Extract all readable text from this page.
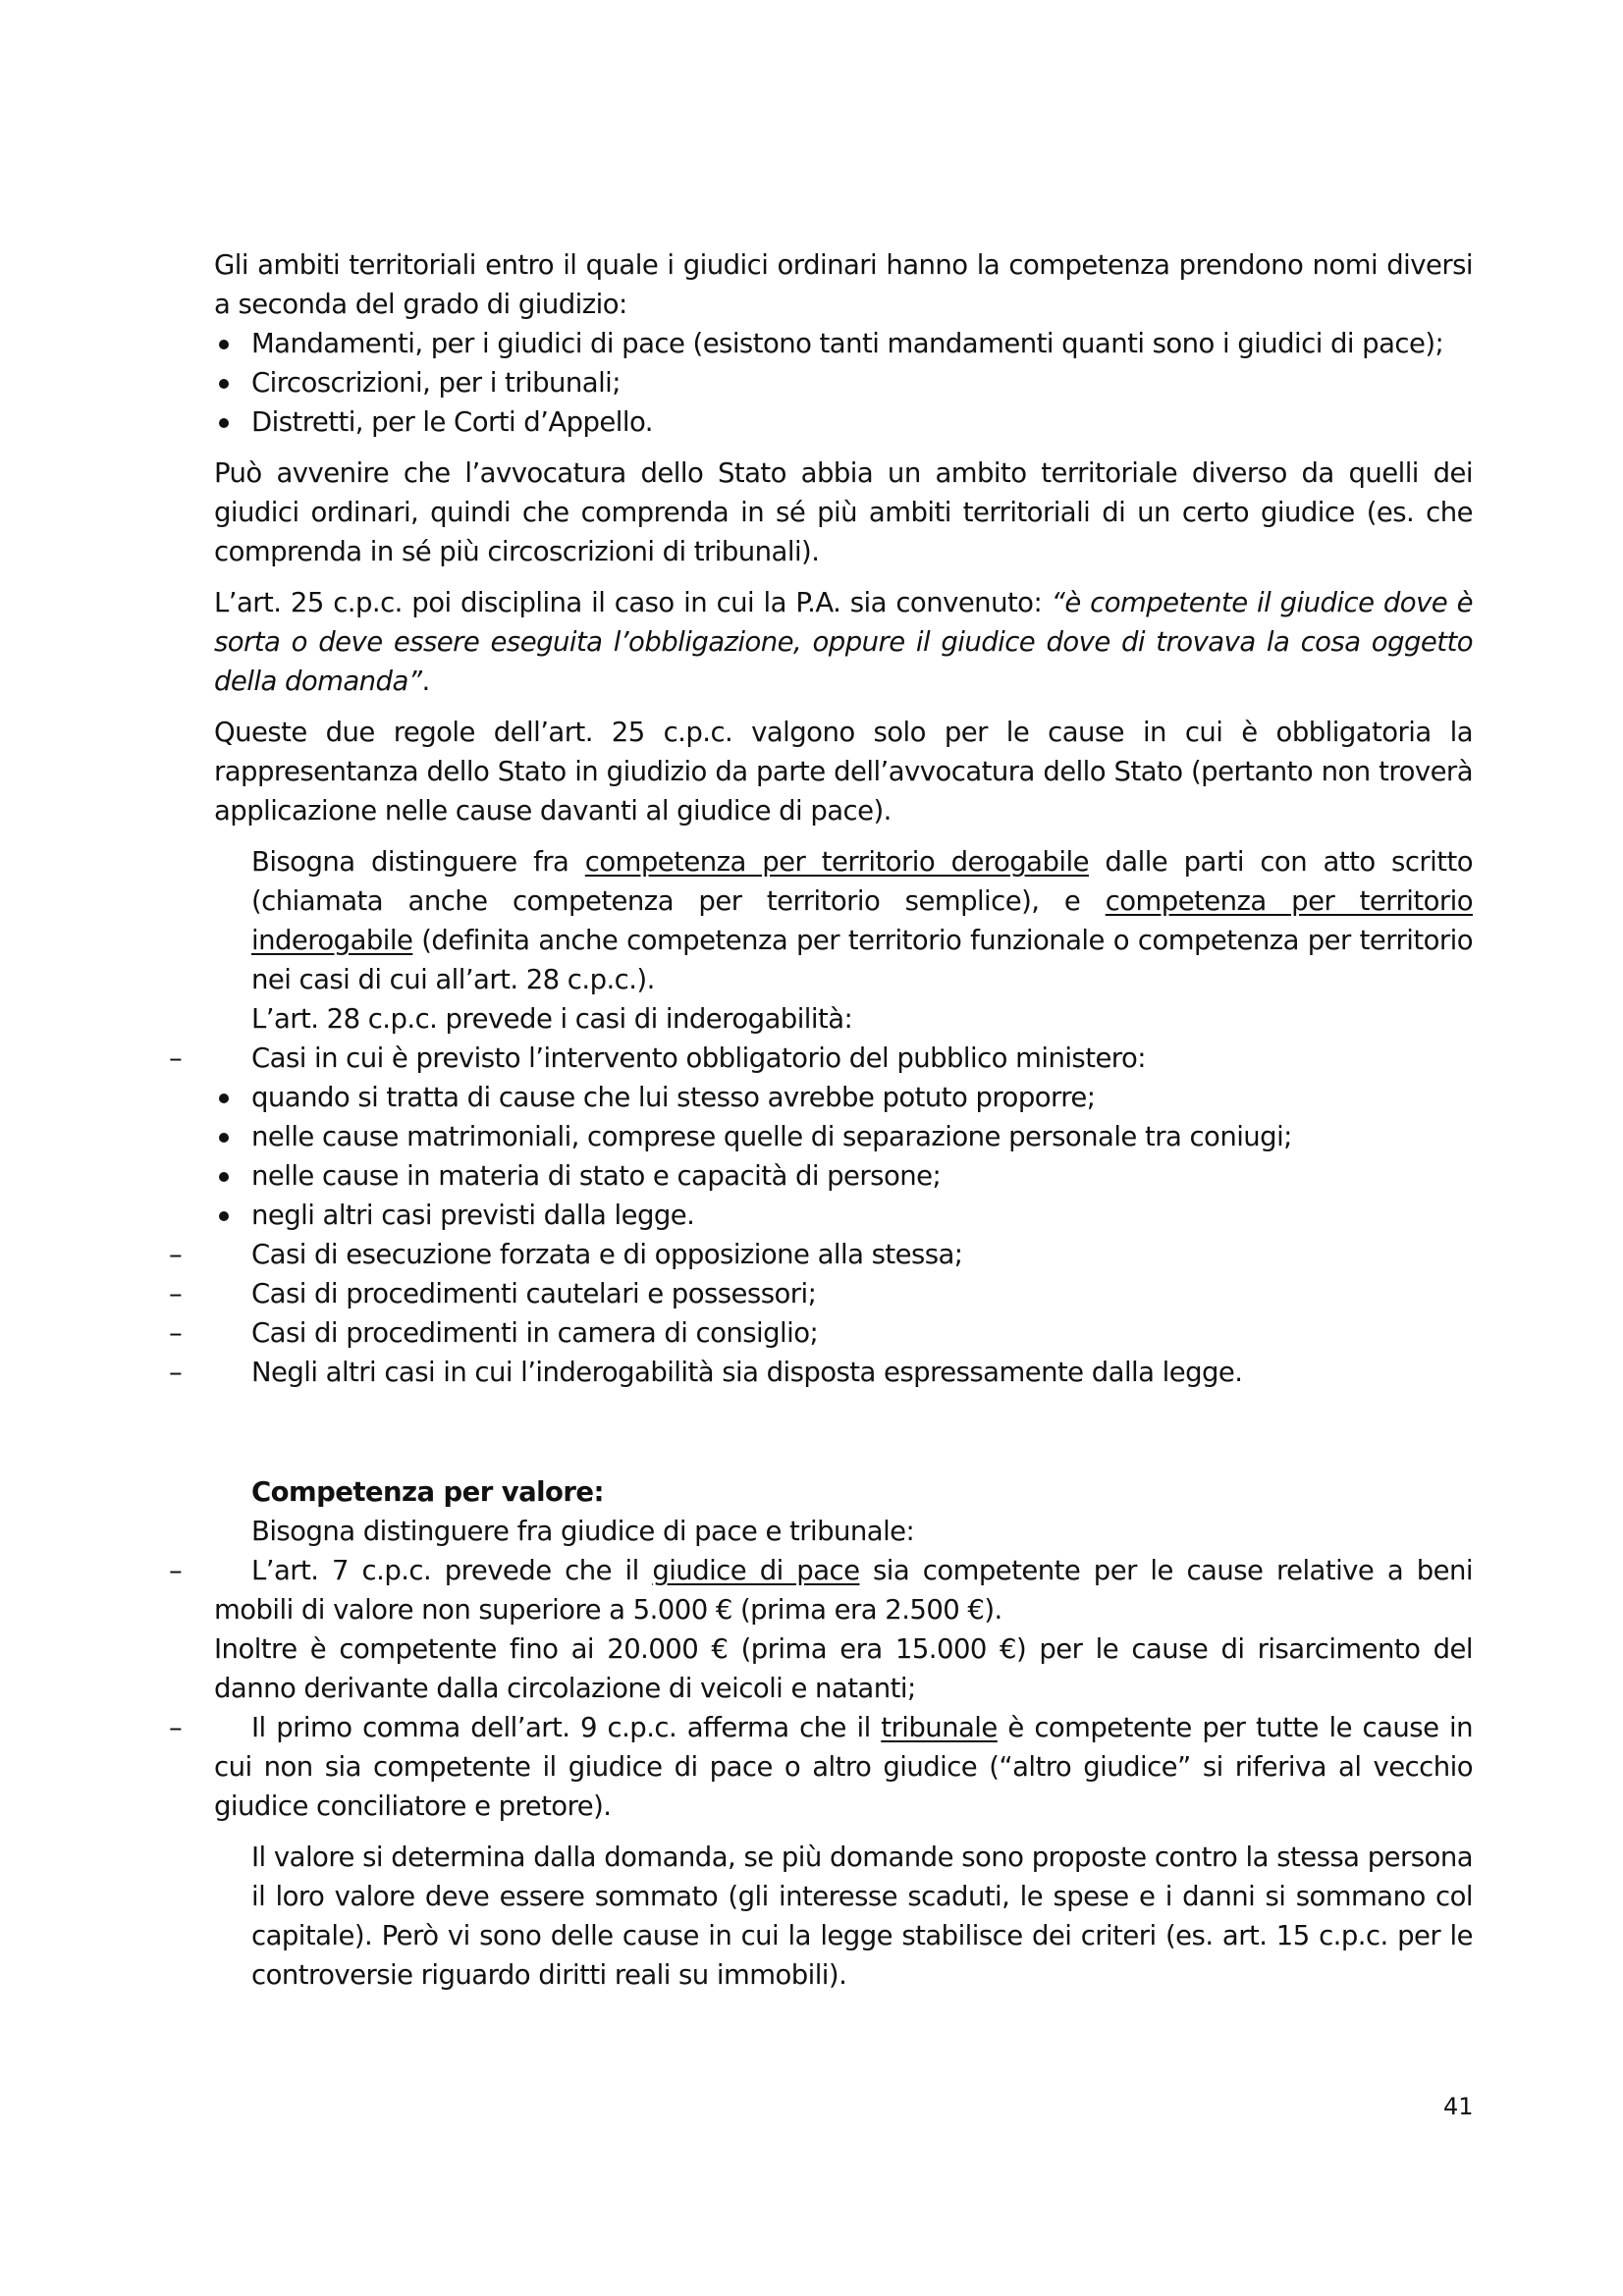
Gli ambiti territoriali entro il quale i giudici ordinari hanno la competenza prendono nomi diversi a seconda del grado di giudizio:

Mandamenti, per i giudici di pace (esistono tanti mandamenti quanti sono i giudici di pace);
Circoscrizioni, per i tribunali;
Distretti, per le Corti d’Appello.

Può avvenire che l’avvocatura dello Stato abbia un ambito territoriale diverso da quelli dei giudici ordinari, quindi che comprenda in sé più ambiti territoriali di un certo giudice (es. che comprenda in sé più circoscrizioni di tribunali).

L’art. 25 c.p.c. poi disciplina il caso in cui la P.A. sia convenuto: “è competente il giudice dove è sorta o deve essere eseguita l’obbligazione, oppure il giudice dove di trovava la cosa oggetto della domanda”.

Queste due regole dell’art. 25 c.p.c. valgono solo per le cause in cui è obbligatoria la rappresentanza dello Stato in giudizio da parte dell’avvocatura dello Stato (pertanto non troverà applicazione nelle cause davanti al giudice di pace).

Bisogna distinguere fra competenza per territorio derogabile dalle parti con atto scritto (chiamata anche competenza per territorio semplice), e competenza per territorio inderogabile (definita anche competenza per territorio funzionale o competenza per territorio nei casi di cui all’art. 28 c.p.c.).

L’art. 28 c.p.c. prevede i casi di inderogabilità:

–	Casi in cui è previsto l’intervento obbligatorio del pubblico ministero:
quando si tratta di cause che lui stesso avrebbe potuto proporre;
nelle cause matrimoniali, comprese quelle di separazione personale tra coniugi;
nelle cause in materia di stato e capacità di persone;
negli altri casi previsti dalla legge.
–	Casi di esecuzione forzata e di opposizione alla stessa;
–	Casi di procedimenti cautelari e possessori;
–	Casi di procedimenti in camera di consiglio;
–	Negli altri casi in cui l’inderogabilità sia disposta espressamente dalla legge.

Competenza per valore:

Bisogna distinguere fra giudice di pace e tribunale:

–	L’art. 7 c.p.c. prevede che il giudice di pace sia competente per le cause relative a beni mobili di valore non superiore a 5.000 € (prima era 2.500 €).

Inoltre è competente fino ai 20.000 € (prima era 15.000 €) per le cause di risarcimento del danno derivante dalla circolazione di veicoli e natanti;

–	Il primo comma dell’art. 9 c.p.c. afferma che il tribunale è competente per tutte le cause in cui non sia competente il giudice di pace o altro giudice (“altro giudice” si riferiva al vecchio giudice conciliatore e pretore).

Il valore si determina dalla domanda, se più domande sono proposte contro la stessa persona il loro valore deve essere sommato (gli interesse scaduti, le spese e i danni si sommano col capitale). Però vi sono delle cause in cui la legge stabilisce dei criteri (es. art. 15 c.p.c. per le controversie riguardo diritti reali su immobili).

41
